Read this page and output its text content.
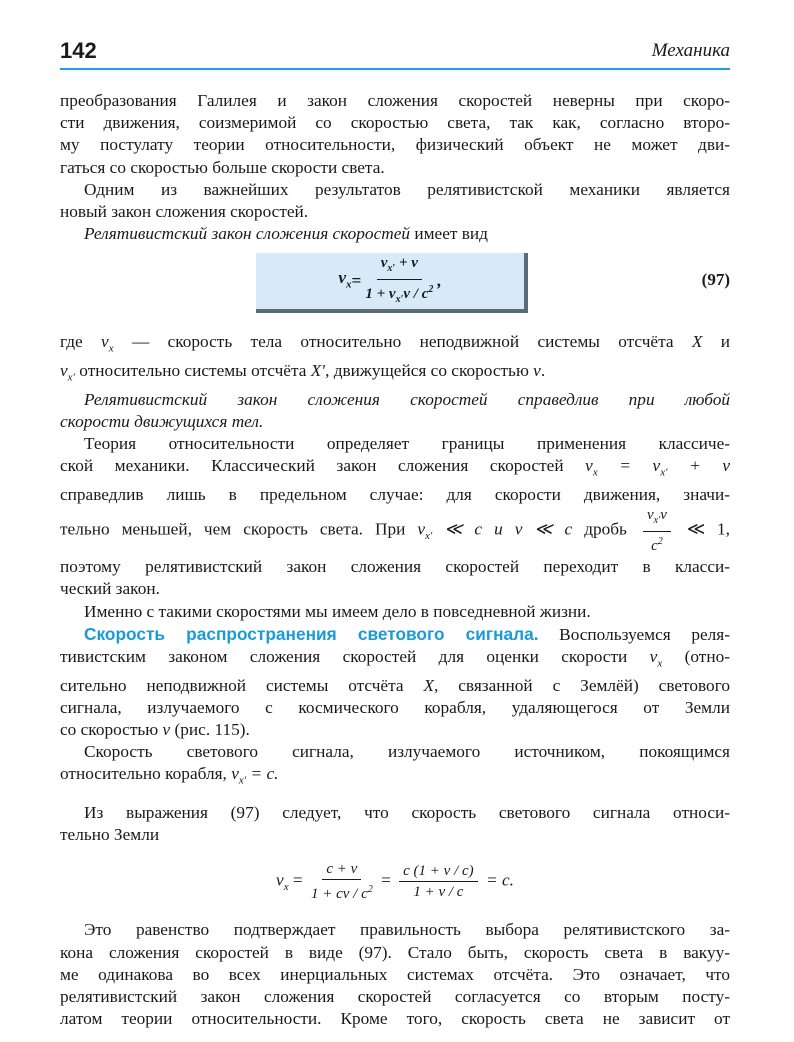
142	Механика

преобразования Галилея и закон сложения скоростей неверны при скоро-
сти движения, соизмеримой со скоростью света, так как, согласно второ-
му постулату теории относительности, физический объект не может дви-
гаться со скоростью больше скорости света.

Одним из важнейших результатов релятивистской механики является
новый закон сложения скоростей.

Релятивистский закон сложения скоростей имеет вид

$v_x = \frac{v_{x'} + v}{1 + v_{x'}v / c^2}$ ,	(97)

где $v_x$ — скорость тела относительно неподвижной системы отсчёта X и
$v_{x'}$ относительно системы отсчёта X′, движущейся со скоростью v.

Релятивистский закон сложения скоростей справедлив при любой
скорости движущихся тел.

Теория относительности определяет границы применения классиче-
ской механики. Классический закон сложения скоростей $v_x = v_{x'} + v$
справедлив лишь в предельном случае: для скорости движения, значи-
тельно меньшей, чем скорость света. При $v_{x'}$ ≪ c и v ≪ c дробь $\frac{v_{x'}v}{c^2}$ ≪ 1,
поэтому релятивистский закон сложения скоростей переходит в класси-
ческий закон.

Именно с такими скоростями мы имеем дело в повседневной жизни.

Скорость распространения светового сигнала. Воспользуемся реля-
тивистским законом сложения скоростей для оценки скорости $v_x$ (отно-
сительно неподвижной системы отсчёта X, связанной с Землёй) светового
сигнала, излучаемого с космического корабля, удаляющегося от Земли
со скоростью v (рис. 115).

Скорость светового сигнала, излучаемого источником, покоящимся
относительно корабля, $v_{x'} = c$.

Из выражения (97) следует, что скорость светового сигнала относи-
тельно Земли

$v_x = \frac{c + v}{1 + cv / c^2} = \frac{c (1 + v / c)}{1 + v / c} = c$.

Это равенство подтверждает правильность выбора релятивистского за-
кона сложения скоростей в виде (97). Стало быть, скорость света в вакуу-
ме одинакова во всех инерциальных системах отсчёта. Это означает, что
релятивистский закон сложения скоростей согласуется со вторым посту-
латом теории относительности. Кроме того, скорость света не зависит от
